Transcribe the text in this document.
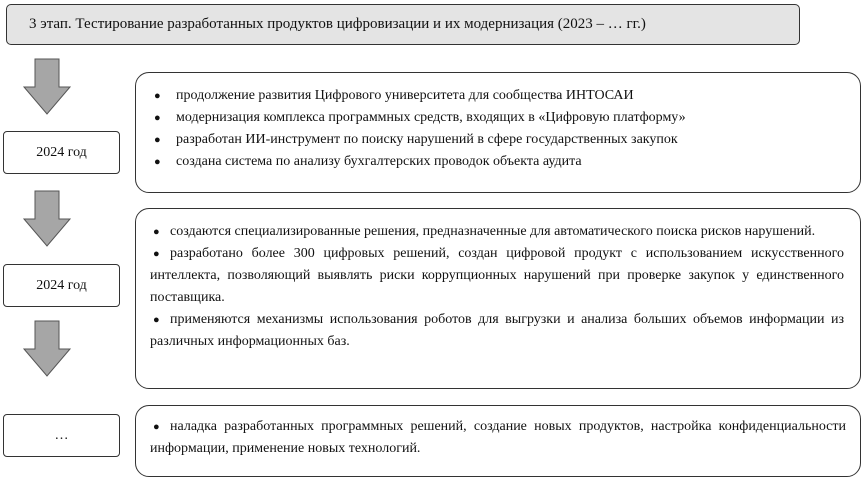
3 этап. Тестирование разработанных продуктов цифровизации и их модернизация (2023 – … гг.)
2024 год
2024 год
…
●	продолжение развития Цифрового университета для сообщества ИНТОСАИ
●	модернизация комплекса программных средств, входящих в «Цифровую платформу»
●	разработан ИИ-инструмент по поиску нарушений в сфере государственных закупок
●	создана система по анализу бухгалтерских проводок объекта аудита

● создаются специализированные решения, предназначенные для автоматического поиска рисков нарушений.

● разработано более 300 цифровых решений, создан цифровой продукт с использованием искусственного интеллекта, позволяющий выявлять риски коррупционных нарушений при проверке закупок у единственного поставщика.

● применяются механизмы использования роботов для выгрузки и анализа больших объемов информации из различных информационных баз.

● наладка разработанных программных решений, создание новых продуктов, настройка конфиденциальности информации, применение новых технологий.
